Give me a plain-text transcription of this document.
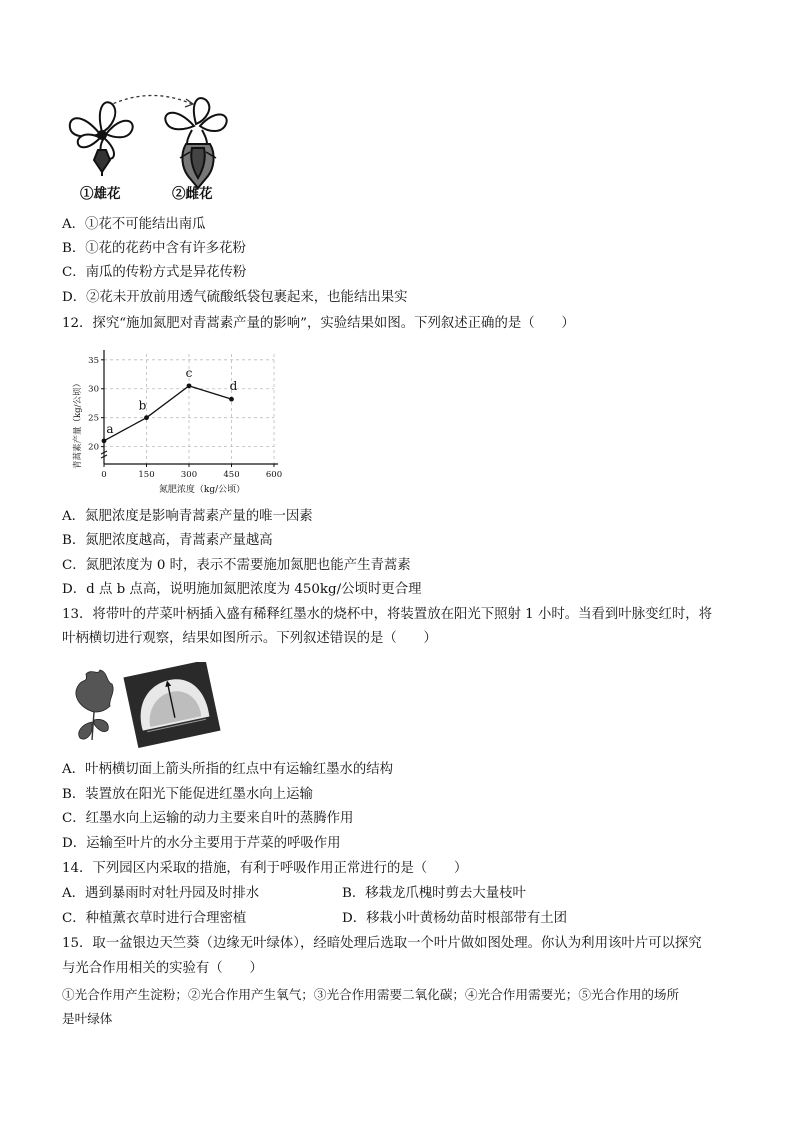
①雄花	②雌花
A．①花不可能结出南瓜
B．①花的花药中含有许多花粉
C．南瓜的传粉方式是异花传粉
D．②花未开放前用透气硫酸纸袋包裹起来，也能结出果实
12．探究“施加氮肥对青蒿素产量的影响”，实验结果如图。下列叙述正确的是（　　）
20
25
30
35
0	150	300	450	600
a
b
c
d
青蒿素产量（kg/公顷）
氮肥浓度（kg/公顷）
A．氮肥浓度是影响青蒿素产量的唯一因素
B．氮肥浓度越高，青蒿素产量越高
C．氮肥浓度为 0 时，表示不需要施加氮肥也能产生青蒿素
D．d 点 b 点高，说明施加氮肥浓度为 450kg/公顷时更合理
13．将带叶的芹菜叶柄插入盛有稀释红墨水的烧杯中，将装置放在阳光下照射 1 小时。当看到叶脉变红时，将
叶柄横切进行观察，结果如图所示。下列叙述错误的是（　　）
A．叶柄横切面上箭头所指的红点中有运输红墨水的结构
B．装置放在阳光下能促进红墨水向上运输
C．红墨水向上运输的动力主要来自叶的蒸腾作用
D．运输至叶片的水分主要用于芹菜的呼吸作用
14．下列园区内采取的措施，有利于呼吸作用正常进行的是（　　）
A．遇到暴雨时对牡丹园及时排水	B．移栽龙爪槐时剪去大量枝叶
C．种植薰衣草时进行合理密植	D．移栽小叶黄杨幼苗时根部带有土团
15．取一盆银边天竺葵（边缘无叶绿体），经暗处理后选取一个叶片做如图处理。你认为利用该叶片可以探究
与光合作用相关的实验有（　　）
①光合作用产生淀粉；②光合作用产生氧气；③光合作用需要二氧化碳；④光合作用需要光；⑤光合作用的场所
是叶绿体
